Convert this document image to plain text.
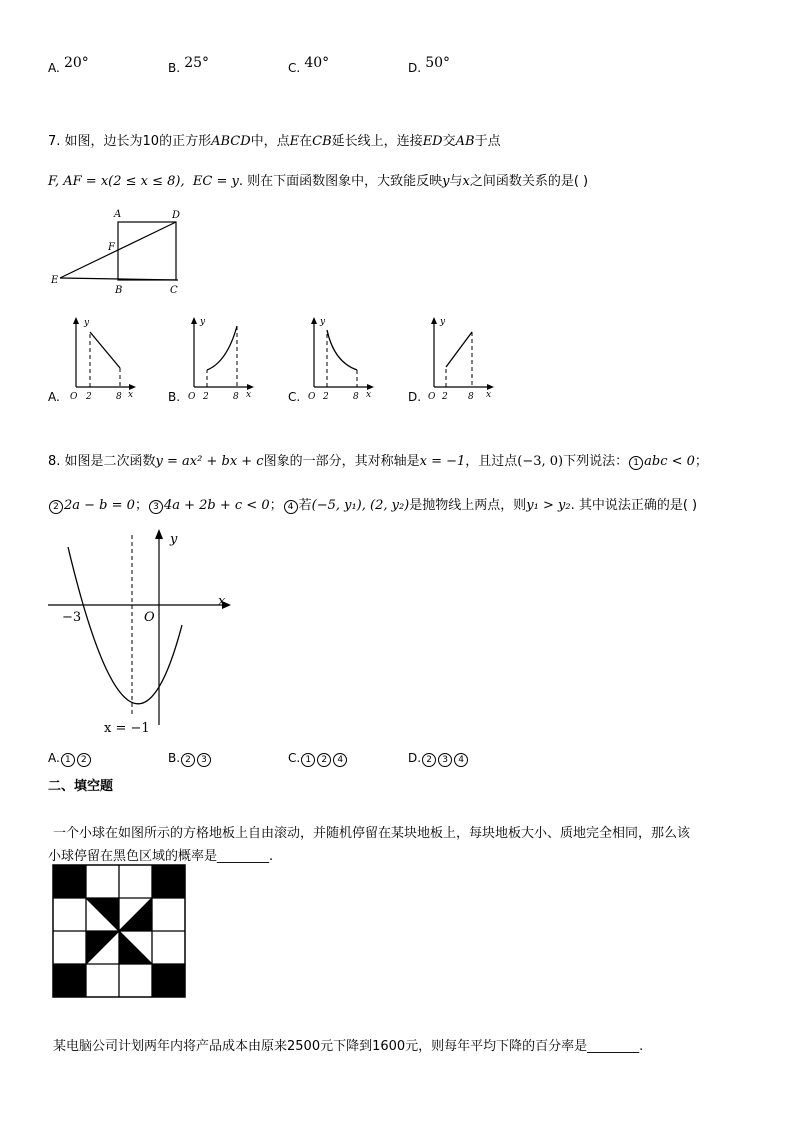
A. 20°	B. 25°	C. 40°	D. 50°
7. 如图，边长为10的正方形ABCD中，点E在CB延长线上，连接ED交AB于点
F, AF = x(2 ≤ x ≤ 8), EC = y. 则在下面函数图象中，大致能反映y与x之间函数关系的是( )
A	D
F
E
B	C
A.
y
x
O 2	8	B.
y
x
O 2	8	C.
y
x
O 2	8	D.
y
x
O 2 8
8. 如图是二次函数y = ax² + bx + c图象的一部分，其对称轴是x = −1，且过点(−3, 0)下列说法： 1 abc < 0；
2 2a − b = 0； 3 4a + 2b + c < 0； 4 若(−5, y₁), (2, y₂)是抛物线上两点，则y₁ > y₂. 其中说法正确的是( )
y
x
−3	O
x = −1
A. 1 2	B. 2 3	C. 1 2 4	D. 2 3 4
二、填空题
一个小球在如图所示的方格地板上自由滚动，并随机停留在某块地板上，每块地板大小、质地完全相同，那么该
小球停留在黑色区域的概率是________.
某电脑公司计划两年内将产品成本由原来2500元下降到1600元，则每年平均下降的百分率是________.
